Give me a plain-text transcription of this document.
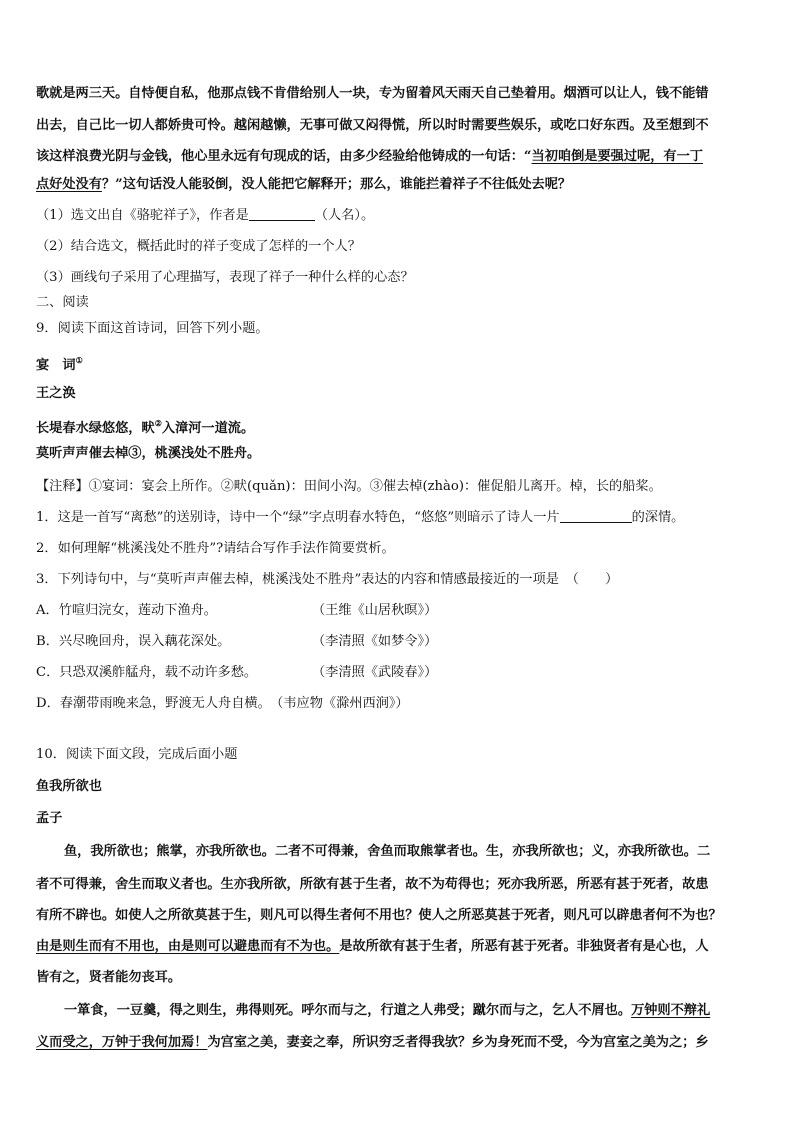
歌就是两三天。自恃便自私，他那点钱不肯借给别人一块，专为留着风天雨天自己垫着用。烟酒可以让人，钱不能错
出去，自己比一切人都娇贵可怜。越闲越懒，无事可做又闷得慌，所以时时需要些娱乐，或吃口好东西。及至想到不
该这样浪费光阴与金钱，他心里永远有句现成的话，由多少经验给他铸成的一句话：“当初咱倒是要强过呢，有一丁
点好处没有？”这句话没人能驳倒，没人能把它解释开；那么，谁能拦着祥子不往低处去呢？
（1）选文出自《骆驼祥子》，作者是	（人名）。
（2）结合选文，概括此时的祥子变成了怎样的一个人？
（3）画线句子采用了心理描写，表现了祥子一种什么样的心态？
二、阅读
9．阅读下面这首诗词，回答下列小题。
宴　词①
王之涣
长堤春水绿悠悠，畎②入漳河一道流。
莫听声声催去棹③，桃溪浅处不胜舟。
【注释】①宴词：宴会上所作。②畎(quǎn)：田间小沟。③催去棹(zhào)：催促船儿离开。棹，长的船桨。
1．这是一首写“离愁”的送别诗，诗中一个“绿”字点明春水特色，“悠悠”则暗示了诗人一片	的深情。
2．如何理解“桃溪浅处不胜舟”?请结合写作手法作简要赏析。
3．下列诗句中，与“莫听声声催去棹，桃溪浅处不胜舟”表达的内容和情感最接近的一项是　（　　）
A．竹喧归浣女，莲动下渔舟。	（王维《山居秋暝》）
B．兴尽晚回舟，误入藕花深处。	（李清照《如梦令》）
C．只恐双溪舴艋舟，载不动许多愁。	（李清照《武陵春》）
D．春潮带雨晚来急，野渡无人舟自横。 （韦应物《滁州西涧》）
10．阅读下面文段，完成后面小题
鱼我所欲也
孟子
鱼，我所欲也；熊掌，亦我所欲也。二者不可得兼，舍鱼而取熊掌者也。生，亦我所欲也；义，亦我所欲也。二
者不可得兼，舍生而取义者也。生亦我所欲，所欲有甚于生者，故不为苟得也；死亦我所恶，所恶有甚于死者，故患
有所不辟也。如使人之所欲莫甚于生，则凡可以得生者何不用也？使人之所恶莫甚于死者，则凡可以辟患者何不为也？
由是则生而有不用也，由是则可以避患而有不为也。是故所欲有甚于生者，所恶有甚于死者。非独贤者有是心也，人
皆有之，贤者能勿丧耳。
一箪食，一豆羹，得之则生，弗得则死。呼尔而与之，行道之人弗受；蹴尔而与之，乞人不屑也。万钟则不辩礼
义而受之，万钟于我何加焉！为宫室之美，妻妾之奉，所识穷乏者得我欤？乡为身死而不受，今为宫室之美为之；乡
